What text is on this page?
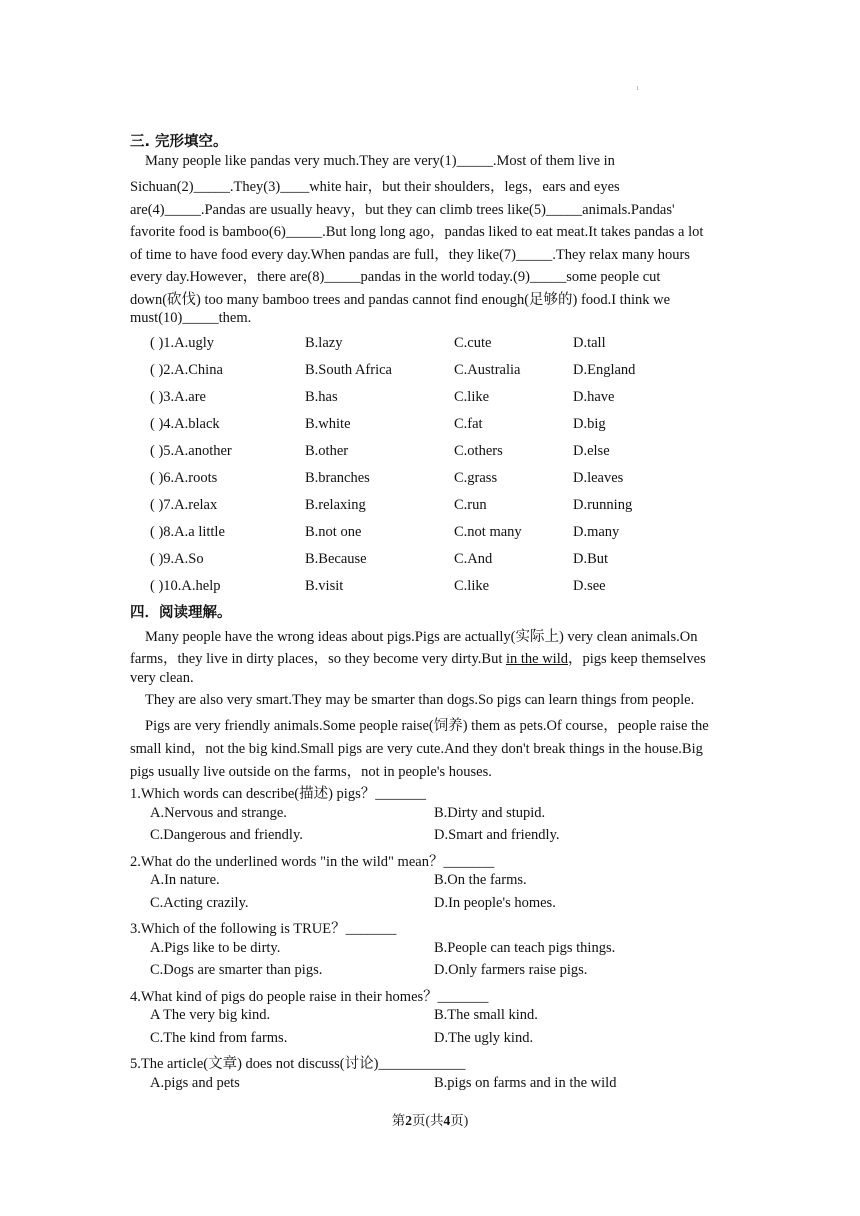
1
三. 完形填空。
Many people like pandas very much.They are very(1)_____.Most of them live in
Sichuan(2)_____.They(3)____white hair，but their shoulders，legs，ears and eyes
are(4)_____.Pandas are usually heavy，but they can climb trees like(5)_____animals.Pandas'
favorite food is bamboo(6)_____.But long long ago，pandas liked to eat meat.It takes pandas a lot
of time to have food every day.When pandas are full，they like(7)_____.They relax many hours
every day.However，there are(8)_____pandas in the world today.(9)_____some people cut
down(砍伐) too many bamboo trees and pandas cannot find enough(足够的) food.I think we
must(10)_____them.
( )1.A.ugly	B.lazy	C.cute	D.tall
( )2.A.China	B.South Africa	C.Australia	D.England
( )3.A.are	B.has	C.like	D.have
( )4.A.black	B.white	C.fat	D.big
( )5.A.another	B.other	C.others	D.else
( )6.A.roots	B.branches	C.grass	D.leaves
( )7.A.relax	B.relaxing	C.run	D.running
( )8.A.a little	B.not one	C.not many	D.many
( )9.A.So	B.Because	C.And	D.But
( )10.A.help	B.visit	C.like	D.see
四．阅读理解。
Many people have the wrong ideas about pigs.Pigs are actually(实际上) very clean animals.On
farms，they live in dirty places，so they become very dirty.But in the wild，pigs keep themselves
very clean.
They are also very smart.They may be smarter than dogs.So pigs can learn things from people.
Pigs are very friendly animals.Some people raise(饲养) them as pets.Of course，people raise the
small kind，not the big kind.Small pigs are very cute.And they don't break things in the house.Big
pigs usually live outside on the farms，not in people's houses.
1.Which words can describe(描述) pigs？_______
A.Nervous and strange.	B.Dirty and stupid.
C.Dangerous and friendly.	D.Smart and friendly.
2.What do the underlined words "in the wild" mean？_______
A.In nature.	B.On the farms.
C.Acting crazily.	D.In people's homes.
3.Which of the following is TRUE？_______
A.Pigs like to be dirty.	B.People can teach pigs things.
C.Dogs are smarter than pigs.	D.Only farmers raise pigs.
4.What kind of pigs do people raise in their homes？_______
A The very big kind.	B.The small kind.
C.The kind from farms.	D.The ugly kind.
5.The article(文章) does not discuss(讨论)____________
A.pigs and pets	B.pigs on farms and in the wild
第2页(共4页)
